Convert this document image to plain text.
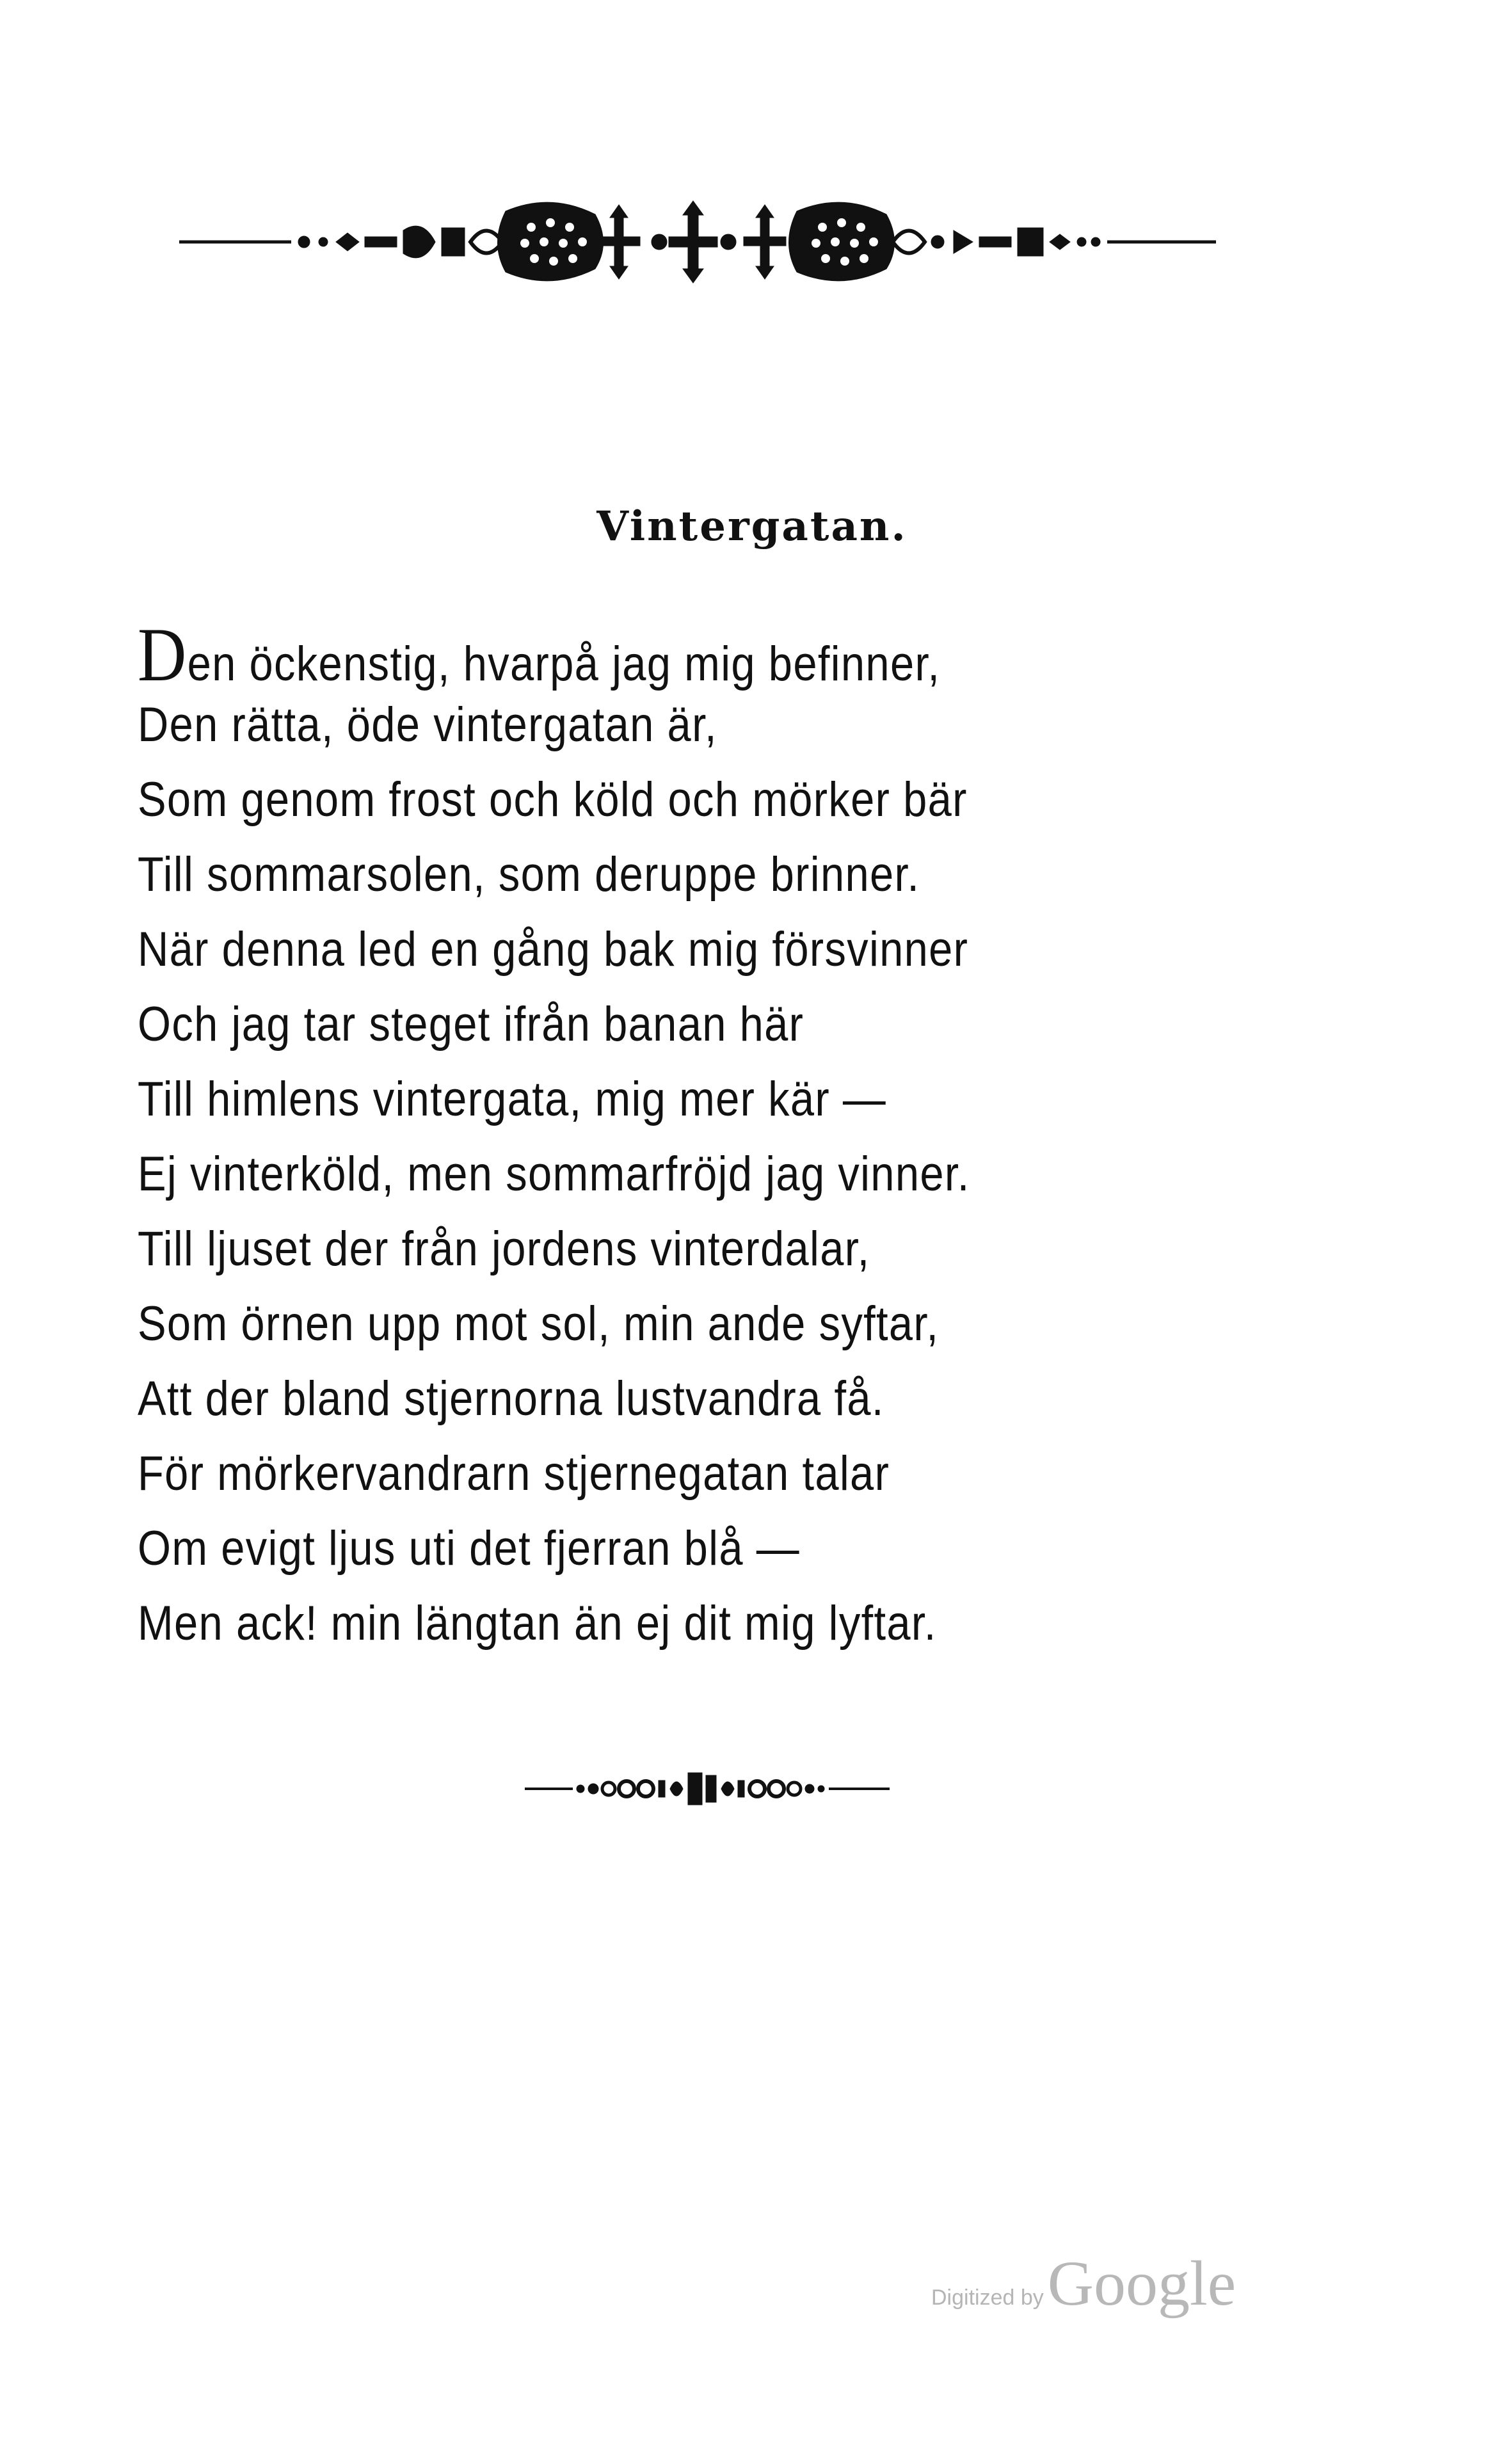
Vintergatan.
Den öckenstig, hvarpå jag mig befinner,
Den rätta, öde vintergatan är,
Som genom frost och köld och mörker bär
Till sommarsolen, som deruppe brinner.
När denna led en gång bak mig försvinner
Och jag tar steget ifrån banan här
Till himlens vintergata, mig mer kär —
Ej vinterköld, men sommarfröjd jag vinner.
Till ljuset der från jordens vinterdalar,
Som örnen upp mot sol, min ande syftar,
Att der bland stjernorna lustvandra få.
För mörkervandrarn stjernegatan talar
Om evigt ljus uti det fjerran blå —
Men ack! min längtan än ej dit mig lyftar.
Digitized byGoogle
